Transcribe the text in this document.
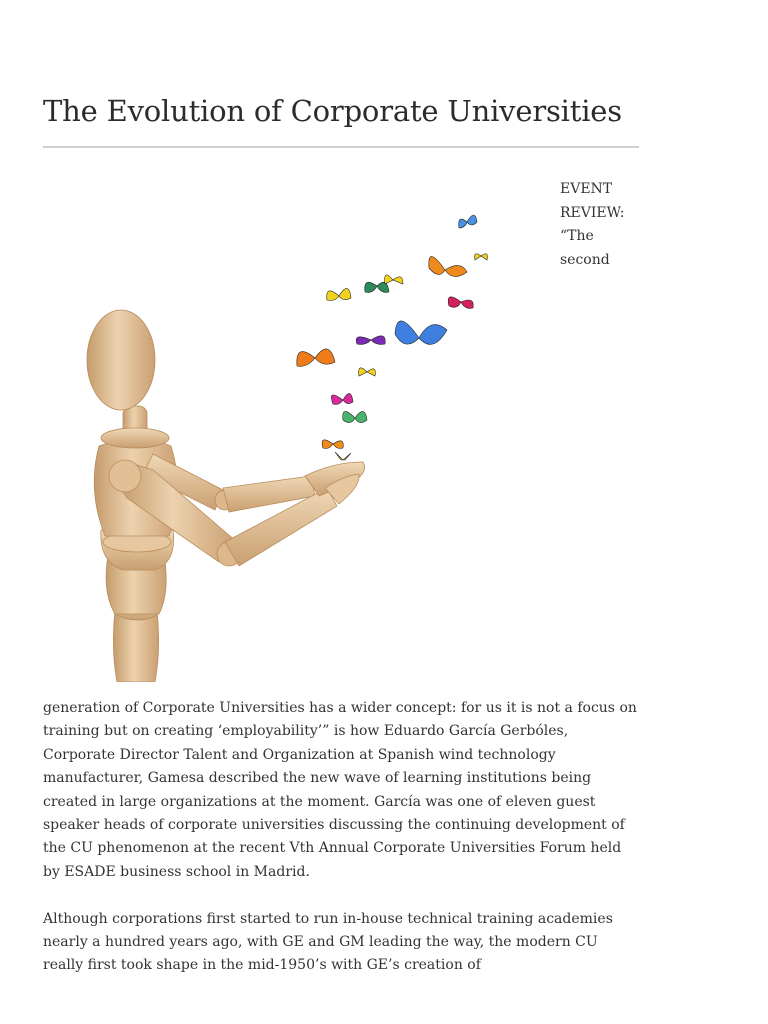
The Evolution of Corporate Universities

EVENT REVIEW: “The second

generation of Corporate Universities has a wider concept: for us it is not a focus on training but on creating ‘employability’” is how Eduardo García Gerbóles, Corporate Director Talent and Organization at Spanish wind technology manufacturer, Gamesa described the new wave of learning institutions being created in large organizations at the moment. García was one of eleven guest speaker heads of corporate universities discussing the continuing development of the CU phenomenon at the recent Vth Annual Corporate Universities Forum held by ESADE business school in Madrid.

Although corporations first started to run in-house technical training academies nearly a hundred years ago, with GE and GM leading the way, the modern CU really first took shape in the mid-1950’s with GE’s creation of
